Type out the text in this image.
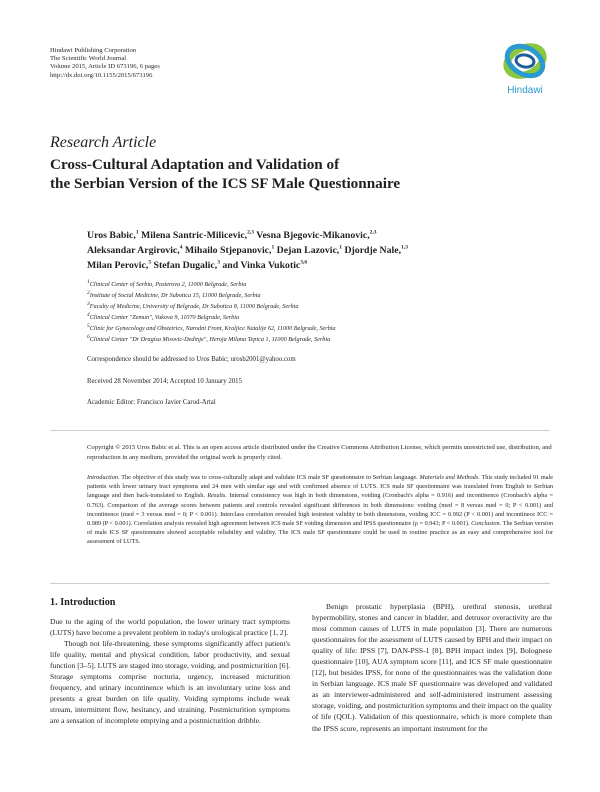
Hindawi Publishing Corporation
The Scientific World Journal
Volume 2015, Article ID 673196, 6 pages
http://dx.doi.org/10.1155/2015/673196
Hindawi
Research Article
Cross-Cultural Adaptation and Validation of
the Serbian Version of the ICS SF Male Questionnaire
Uros Babic,$^1$ Milena Santric-Milicevic,$^{2,3}$ Vesna Bjegovic-Mikanovic,$^{2,3}$
Aleksandar Argirovic,$^4$ Mihailo Stjepanovic,$^1$ Dejan Lazovic,$^1$ Djordje Nale,$^{1,3}$
Milan Perovic,$^5$ Stefan Dugalic,$^3$ and Vinka Vukotic$^{3,6}$
$^1$Clinical Center of Serbia, Pasterova 2, 11000 Belgrade, Serbia
$^2$Institute of Social Medicine, Dr Subotica 15, 11000 Belgrade, Serbia
$^3$Faculty of Medicine, University of Belgrade, Dr Subotica 8, 11000 Belgrade, Serbia
$^4$Clinical Center "Zemun", Vukova 9, 11070 Belgrade, Serbia
$^5$Clinic for Gynecology and Obstetrics, Narodni Front, Kraljice Natalije 62, 11000 Belgrade, Serbia
$^6$Clinical Center "Dr Dragisa Misovic-Dedinje", Heroja Milana Tepica 1, 11000 Belgrade, Serbia
Correspondence should be addressed to Uros Babic; urosb2001@yahoo.com
Received 28 November 2014; Accepted 10 January 2015
Academic Editor: Francisco Javier Carod-Artal
Copyright © 2015 Uros Babic et al. This is an open access article distributed under the Creative Commons Attribution License, which permits unrestricted use, distribution, and reproduction in any medium, provided the original work is properly cited.
Introduction. The objective of this study was to cross-culturally adapt and validate ICS male SF questionnaire to Serbian language. Materials and Methods. This study included 91 male patients with lower urinary tract symptoms and 24 men with similar age and with confirmed absence of LUTS. ICS male SF questionnaire was translated from English to Serbian language and then back-translated to English. Results. Internal consistency was high in both dimensions, voiding (Cronbach's alpha = 0.916) and incontinence (Cronbach's alpha = 0.763). Comparison of the average scores between patients and controls revealed significant differences in both dimensions: voiding (med = 8 versus med = 0; P < 0.001) and incontinence (med = 3 versus med = 0; P < 0.001). Interclass correlation revealed high testretest validity in both dimensions, voiding ICC = 0.992 (P < 0.001) and incontinece ICC = 0.989 (P < 0.001). Correlation analysis revealed high agreement between ICS male SF voiding dimension and IPSS questionnaire (ρ = 0.943; P < 0.001). Conclusion. The Serbian version of male ICS SF questionnaire showed acceptable reliability and validity. The ICS male SF questionnaire could be used in routine practice as an easy and comprehensive tool for assessment of LUTS.
1. Introduction

Due to the aging of the world population, the lower urinary tract symptoms (LUTS) have become a prevalent problem in today's urological practice [1, 2].

Though not life-threatening, these symptoms significantly affect patient's life quality, mental and physical condition, labor productivity, and sexual function [3–5]. LUTS are staged into storage, voiding, and postmicturition [6]. Storage symptoms comprise nocturia, urgency, increased micturition frequency, and urinary incontinence which is an involuntary urine loss and presents a great burden on life quality. Voiding symptoms include weak stream, intermittent flow, hesitancy, and straining. Postmicturition symptoms are a sensation of incomplete emptying and a postmicturition dribble.

Benign prostatic hyperplasia (BPH), urethral stenosis, urethral hypermobility, stones and cancer in bladder, and detrusor overactivity are the most common causes of LUTS in male population [3]. There are numerous questionnaires for the assessment of LUTS caused by BPH and their impact on quality of life: IPSS [7], DAN-PSS-1 [8], BPH impact index [9], Bolognese questionnaire [10], AUA symptom score [11], and ICS SF male questionnaire [12], but besides IPSS, for none of the questionnaires was the validation done in Serbian language. ICS male SF questionnaire was developed and validated as an interviewer-administered and self-administered instrument assessing storage, voiding, and postmicturition symptoms and their impact on the quality of life (QOL). Validation of this questionnaire, which is more complete than the IPSS score, represents an important instrument for the
